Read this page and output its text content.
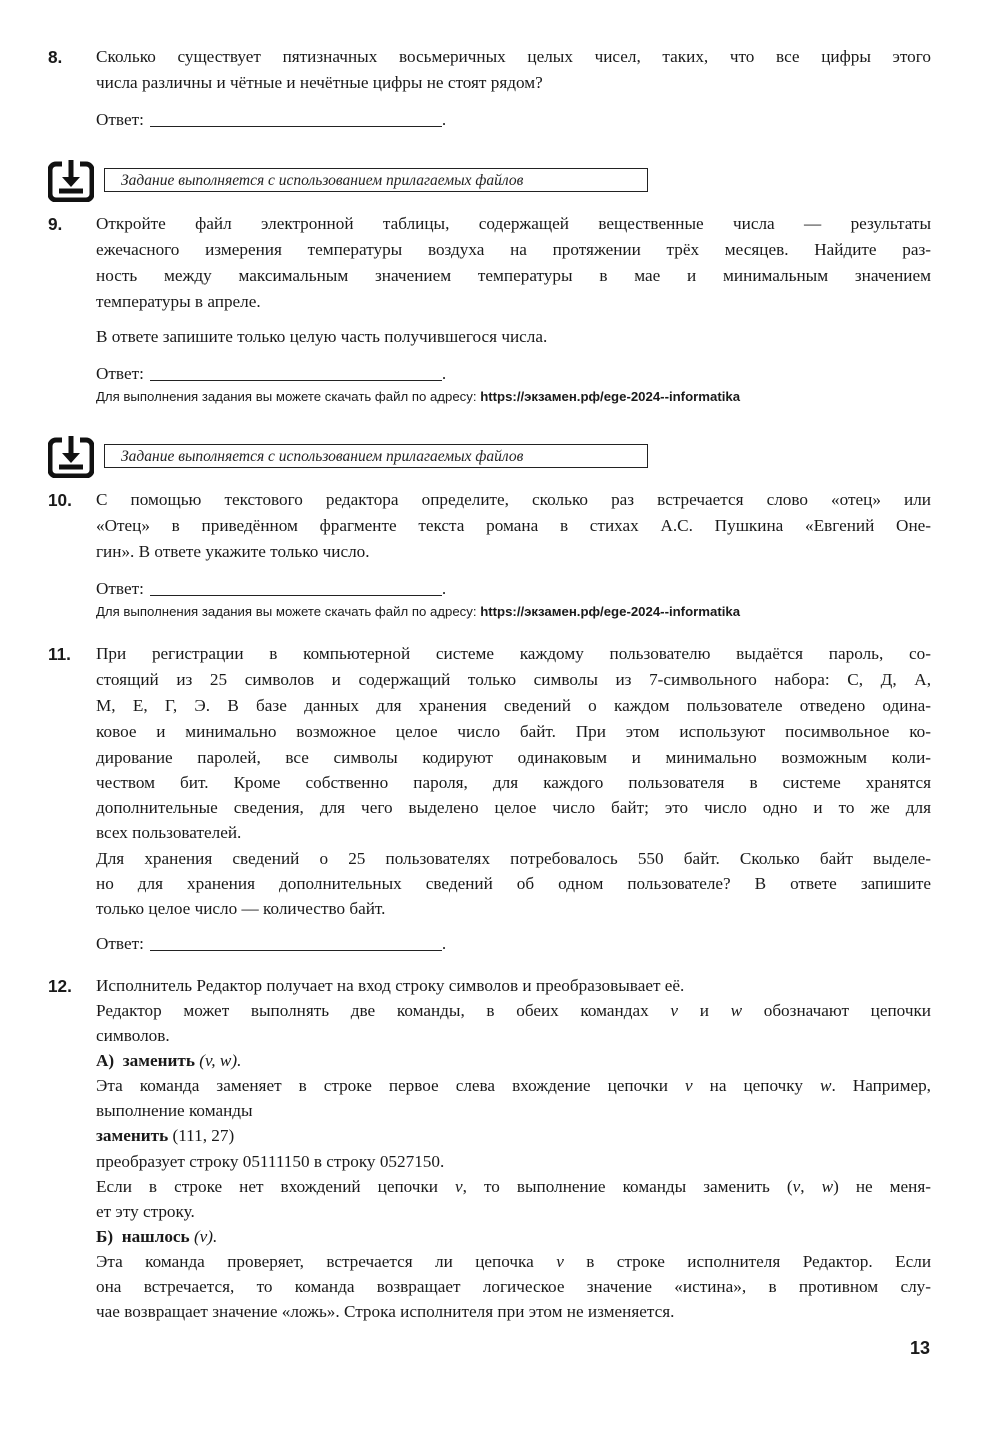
8. Сколько существует пятизначных восьмеричных целых чисел, таких, что все цифры этого
числа различны и чётные и нечётные цифры не стоят рядом?
Ответ:	.
Задание выполняется с использованием прилагаемых файлов
9. Откройте файл электронной таблицы, содержащей вещественные числа — результаты
ежечасного измерения температуры воздуха на протяжении трёх месяцев. Найдите раз-
ность между максимальным значением температуры в мае и минимальным значением
температуры в апреле.
В ответе запишите только целую часть получившегося числа.
Ответ:	.
Для выполнения задания вы можете скачать файл по адресу: https://экзамен.рф/ege-2024--informatika
Задание выполняется с использованием прилагаемых файлов
10. С помощью текстового редактора определите, сколько раз встречается слово «отец» или
«Отец» в приведённом фрагменте текста романа в стихах А.С. Пушкина «Евгений Оне-
гин». В ответе укажите только число.
Ответ:	.
Для выполнения задания вы можете скачать файл по адресу: https://экзамен.рф/ege-2024--informatika
11. При регистрации в компьютерной системе каждому пользователю выдаётся пароль, со-
стоящий из 25 символов и содержащий только символы из 7-символьного набора: С, Д, А,
М, Е, Г, Э. В базе данных для хранения сведений о каждом пользователе отведено одина-
ковое и минимально возможное целое число байт. При этом используют посимвольное ко-
дирование паролей, все символы кодируют одинаковым и минимально возможным коли-
чеством бит. Кроме собственно пароля, для каждого пользователя в системе хранятся
дополнительные сведения, для чего выделено целое число байт; это число одно и то же для
всех пользователей.
Для хранения сведений о 25 пользователях потребовалось 550 байт. Сколько байт выделе-
но для хранения дополнительных сведений об одном пользователе? В ответе запишите
только целое число — количество байт.
Ответ:	.
12. Исполнитель Редактор получает на вход строку символов и преобразовывает её.
Редактор может выполнять две команды, в обеих командах v и w обозначают цепочки
символов.
А) заменить (v, w).
Эта команда заменяет в строке первое слева вхождение цепочки v на цепочку w. Например,
выполнение команды
заменить (111, 27)
преобразует строку 05111150 в строку 0527150.
Если в строке нет вхождений цепочки v, то выполнение команды заменить (v, w) не меня-
ет эту строку.
Б) нашлось (v).
Эта команда проверяет, встречается ли цепочка v в строке исполнителя Редактор. Если
она встречается, то команда возвращает логическое значение «истина», в противном слу-
чае возвращает значение «ложь». Строка исполнителя при этом не изменяется.
13
